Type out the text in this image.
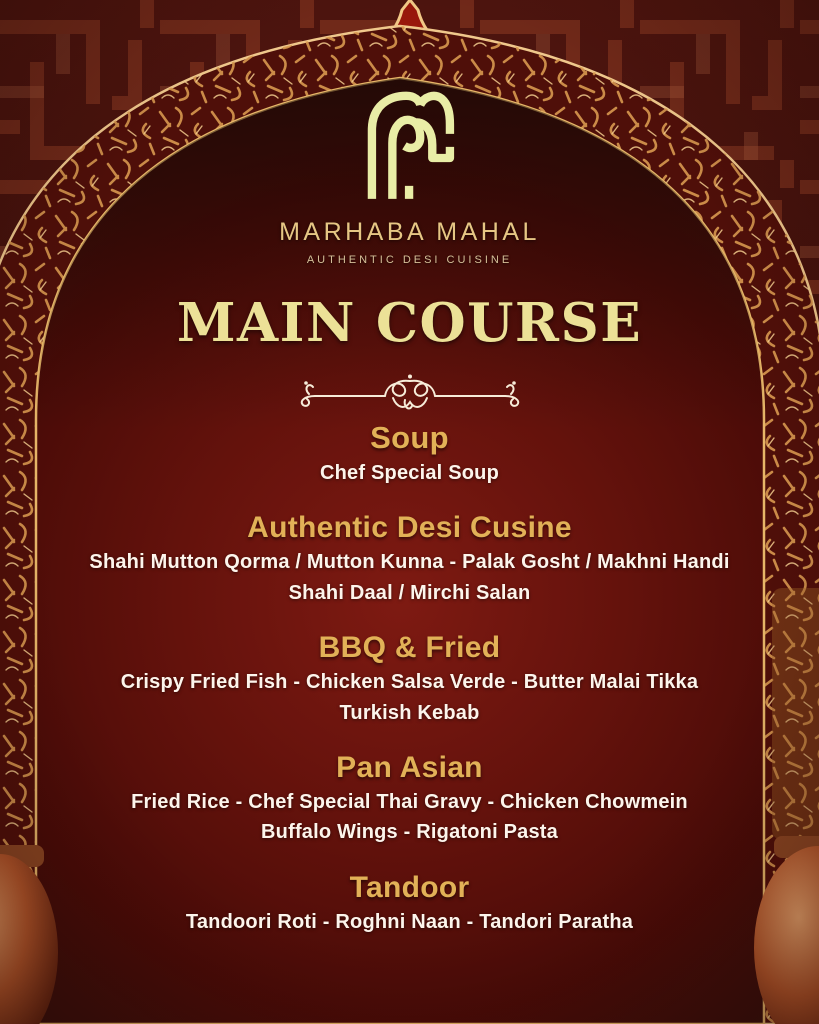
MARHABA MAHAL
AUTHENTIC DESI CUISINE
MAIN COURSE
Soup

Chef Special Soup

Authentic Desi Cusine

Shahi Mutton Qorma / Mutton Kunna - Palak Gosht / Makhni Handi

Shahi Daal / Mirchi Salan

BBQ & Fried

Crispy Fried Fish - Chicken Salsa Verde - Butter Malai Tikka

Turkish Kebab

Pan Asian

Fried Rice - Chef Special Thai Gravy - Chicken Chowmein

Buffalo Wings - Rigatoni Pasta

Tandoor

Tandoori Roti - Roghni Naan - Tandori Paratha
